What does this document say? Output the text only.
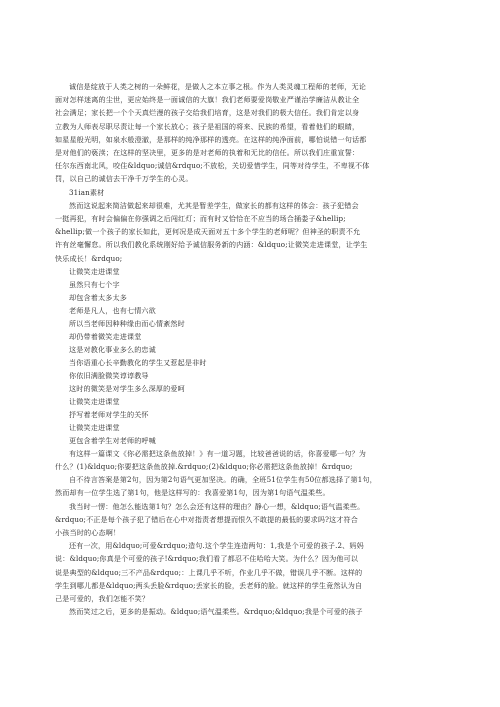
诚信是绽放于人类之树的一朵鲜花，是做人之本立事之根。作为人类灵魂工程师的老师，无论

面对怎样迷离的尘世，更应始终是一面诚信的大旗！我们老师要爱岗敬业严谨治学廉洁从教让全

社会满足；家长把一个个天真烂漫的孩子交给我们培育，这是对我们的极大信任。我们肯定以身

立教为人师表尽职尽责让每一个家长放心；孩子是祖国的将来、民族的希望，看着他们的眼睛，

如星星般光明，如泉水般澄澈，是那样的纯净那样的透亮。在这样的纯净面前，哪怕说错一句话都

是对他们的亵渎；在这样的坚决里，更多的是对老师的执着和无比的信任。所以我们庄重宣誓：

任尔东西南北风，咬住&ldquo;诚信&rdquo;不放松，关切爱惜学生，同等对待学生，不卑视不体

罚，以自己的诚信去干净千万学生的心灵。

31ian素材

然而这说起来简洁做起来却很难，尤其是暂差学生，做家长的都有这样的体会：孩子犯错会

一挺再犯，有时会偏偏在你强调之后闯红灯；而有时又恰恰在不应当的场合捅娄子&hellip;

&hellip;做一个孩子的家长如此，更何况是成天面对五十多个学生的老师呢？但神圣的职责不允

许有丝毫懈怠。所以我们教化系统刚好给予诚信服务新的内涵：&ldquo;让微笑走进课堂，让学生

快乐成长！&rdquo;

让微笑走进课堂

虽然只有七个字

却包含着太多太多

老师是凡人，也有七情六欲

所以当老师因种种缘由而心情紊然时

却仍带着微笑走进课堂

这是对教化事业多么的忠诚

当你语重心长辛勤教化的学生又惹起是非时

你依旧满脸微笑谆谆教导

这时的微笑是对学生多么深厚的爱呵

让微笑走进课堂

抒写着老师对学生的关怀

让微笑走进课堂

更包含着学生对老师的呼喊

有这样一篇课文《你必需把这条鱼放掉！》有一道习题，比较爸爸说的话，你喜爱哪一句？为

什么？(1)&ldquo;你要把这条鱼放掉.&rdquo;(2)&ldquo;你必需把这条鱼放掉！&rdquo;

自不待言答案是第2句，因为第2句语气更加坚决。的确，全班51位学生有50位都选择了第1句，

然而却有一位学生选了第1句，他是这样写的：我喜爱第1句，因为第1句语气温柔些。

我当时一愣：他怎么能选第1句？怎么会还有这样的理由？静心一想，&ldquo;语气温柔些。

&rdquo;不正是每个孩子犯了错后在心中对指责者想提而恨久不敢提的最低的要求吗?这才符合

小孩当时的心态啊！

还有一次，用&ldquo;可爱&rdquo;造句.这个学生连造两句：1,我是个可爱的孩子.2、妈妈

说：&ldquo;你真是个可爱的孩子!&rdquo;我们看了都忍不住哈哈大笑。为什么？因为他可以

说是典型的&ldquo;三不产品&rdquo;：上课几乎不听，作业几乎不做，错误几乎不断。这样的

学生到哪儿都是&ldquo;两头丢脸&rdquo;丢家长的脸，丢老师的脸。就这样的学生竟然认为自

己是可爱的，我们怎能不笑？

然而笑过之后，更多的是振动。&ldquo;语气温柔些。&rdquo;&ldquo;我是个可爱的孩子
